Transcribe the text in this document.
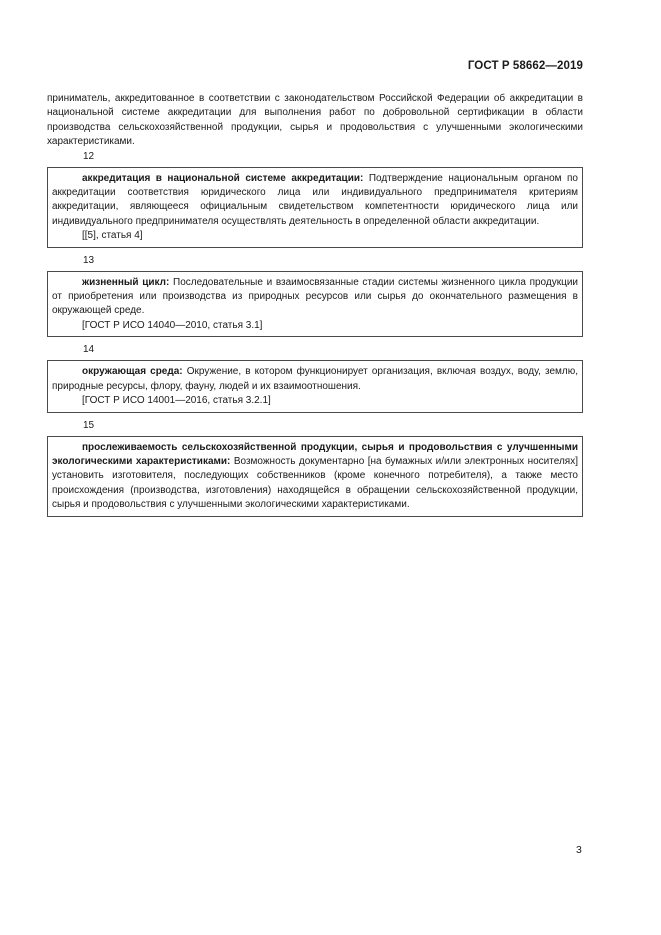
ГОСТ Р 58662—2019

приниматель, аккредитованное в соответствии с законодательством Российской Федерации об аккредитации в национальной системе аккредитации для выполнения работ по добровольной сертификации в области производства сельскохозяйственной продукции, сырья и продовольствия с улучшенными экологическими характеристиками.

12

аккредитация в национальной системе аккредитации: Подтверждение национальным органом по аккредитации соответствия юридического лица или индивидуального предпринимателя критериям аккредитации, являющееся официальным свидетельством компетентности юридического лица или индивидуального предпринимателя осуществлять деятельность в определенной области аккредитации.

[[5], статья 4]

13

жизненный цикл: Последовательные и взаимосвязанные стадии системы жизненного цикла продукции от приобретения или производства из природных ресурсов или сырья до окончательного размещения в окружающей среде.

[ГОСТ Р ИСО 14040—2010, статья 3.1]

14

окружающая среда: Окружение, в котором функционирует организация, включая воздух, воду, землю, природные ресурсы, флору, фауну, людей и их взаимоотношения.

[ГОСТ Р ИСО 14001—2016, статья 3.2.1]

15

прослеживаемость сельскохозяйственной продукции, сырья и продовольствия с улучшенными экологическими характеристиками: Возможность документарно [на бумажных и/или электронных носителях] установить изготовителя, последующих собственников (кроме конечного потребителя), а также место происхождения (производства, изготовления) находящейся в обращении сельскохозяйственной продукции, сырья и продовольствия с улучшенными экологическими характеристиками.

3
